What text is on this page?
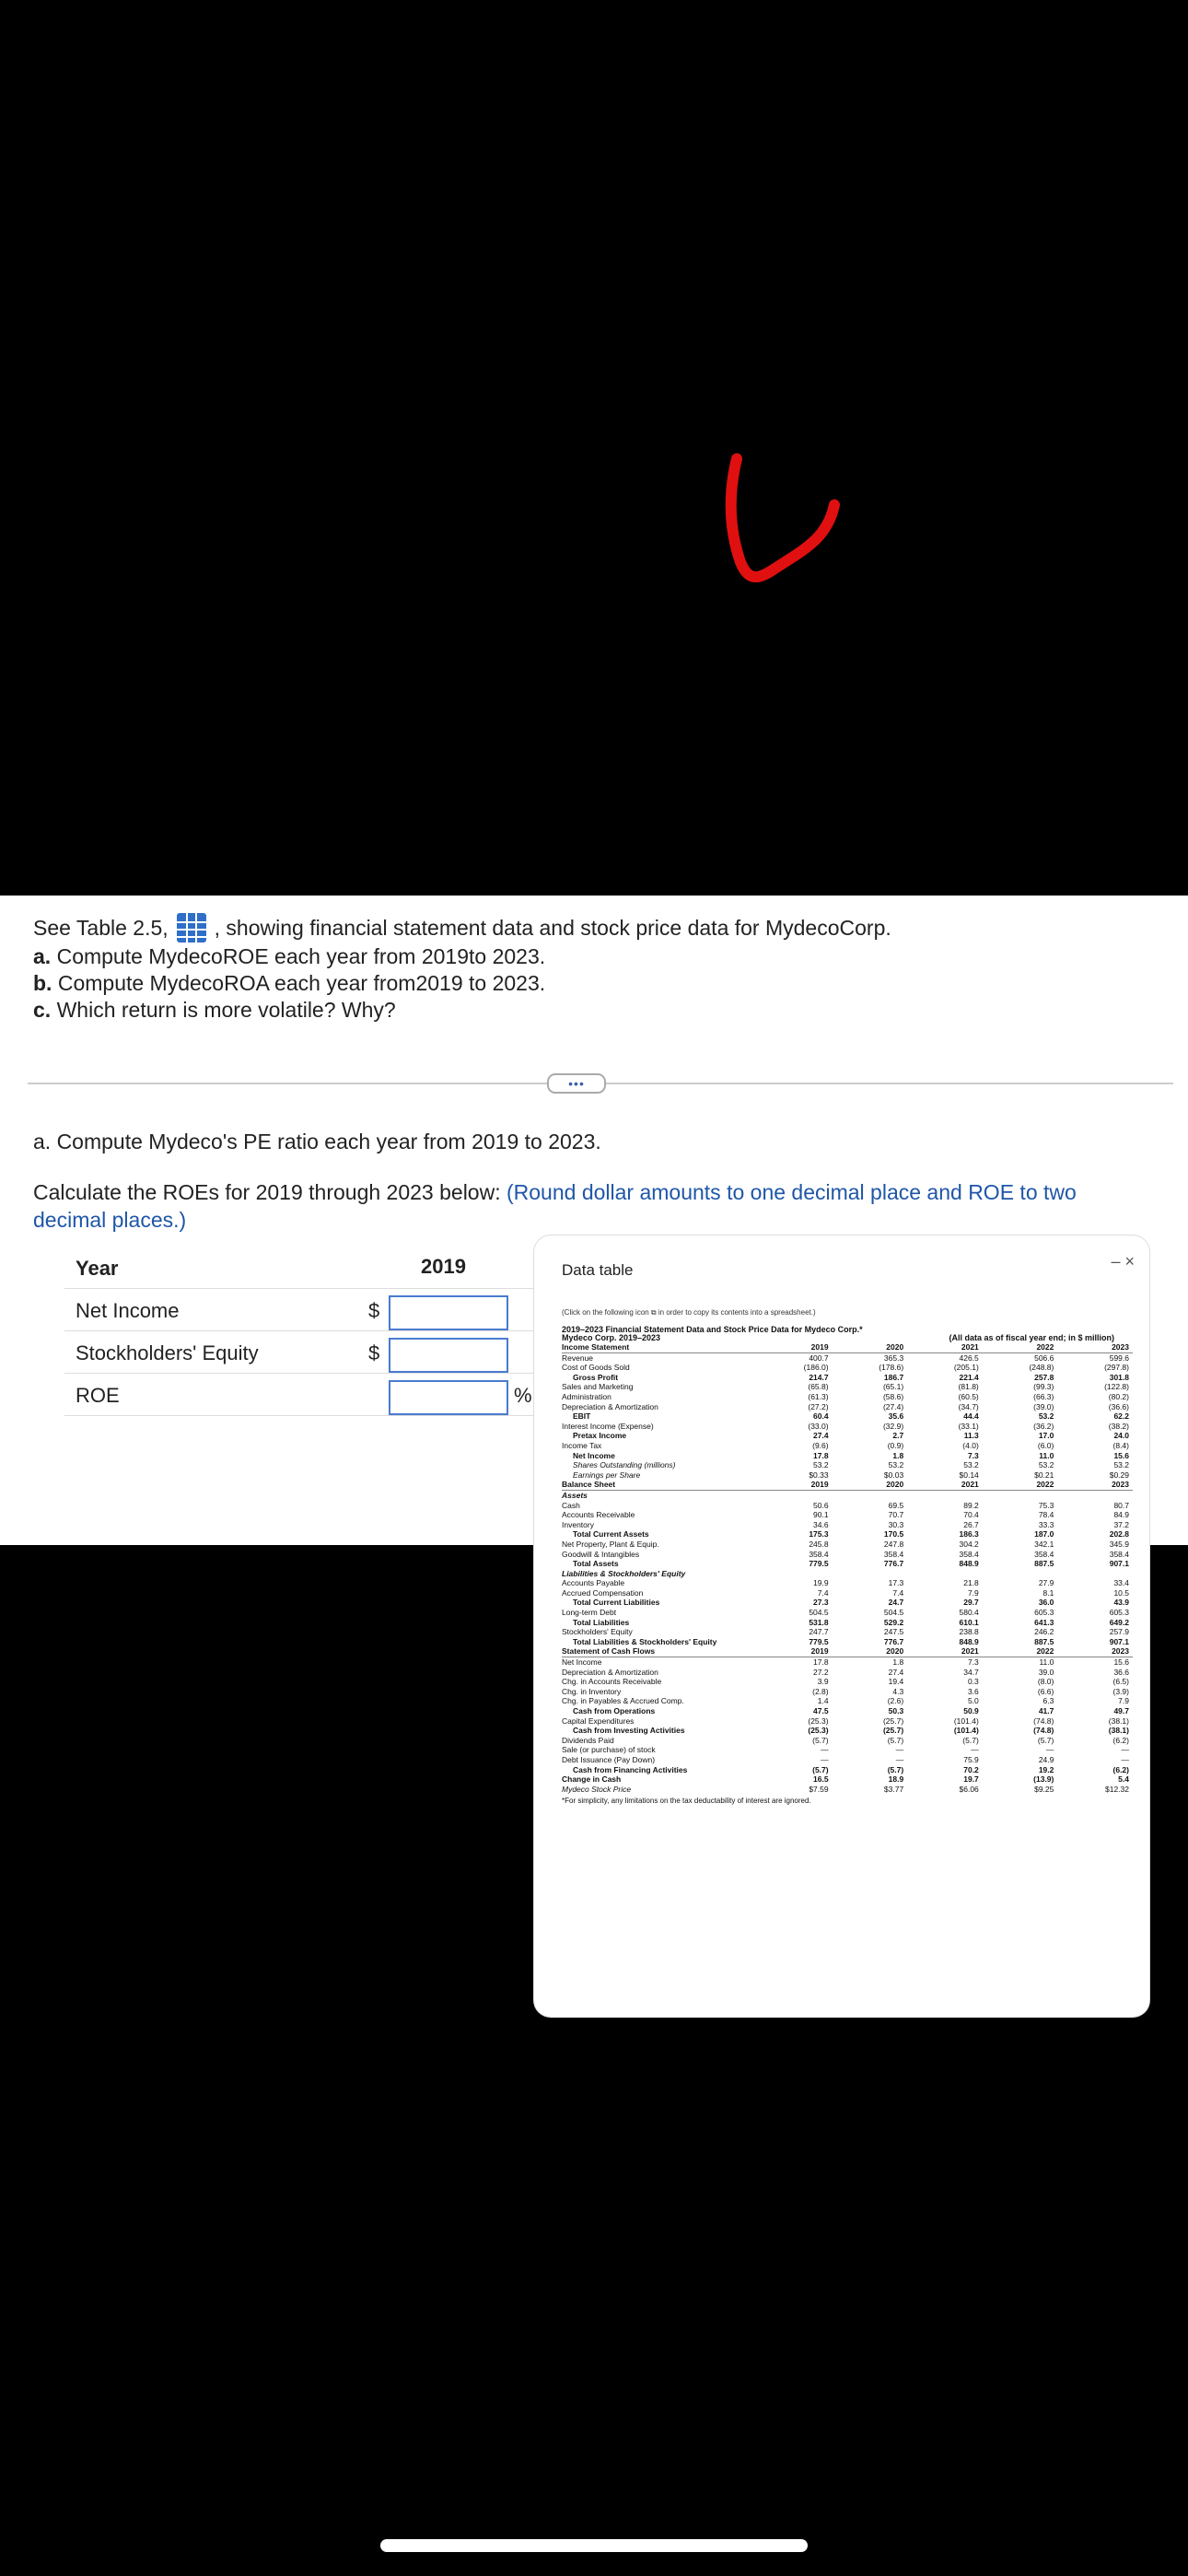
See Table 2.5, , showing financial statement data and stock price data for MydecoCorp.
a.
Compute MydecoROE each year from 2019to 2023.
b.
Compute MydecoROA each year from2019 to 2023.
c.
Which return is more volatile? Why?
•••
a. Compute Mydeco's PE ratio each year from 2019 to 2023.
Calculate the ROEs for 2019 through 2023 below: (Round dollar amounts to one decimal place and ROE to two decimal places.)
Year	2019
Net Income	$
Stockholders' Equity	$
ROE	%
Data table	– ×
(Click on the following icon ⧉ in order to copy its contents into a spreadsheet.)
2019–2023 Financial Statement Data and Stock Price Data for Mydeco Corp.*
Mydeco Corp. 2019–2023	(All data as of fiscal year end; in $ million)
Income Statement	2019	2020	2021	2022	2023
Revenue	400.7	365.3	426.5	506.6	599.6
Cost of Goods Sold	(186.0)	(178.6)	(205.1)	(248.8)	(297.8)
Gross Profit	214.7	186.7	221.4	257.8	301.8
Sales and Marketing	(65.8)	(65.1)	(81.8)	(99.3)	(122.8)
Administration	(61.3)	(58.6)	(60.5)	(66.3)	(80.2)
Depreciation & Amortization	(27.2)	(27.4)	(34.7)	(39.0)	(36.6)
EBIT	60.4	35.6	44.4	53.2	62.2
Interest Income (Expense)	(33.0)	(32.9)	(33.1)	(36.2)	(38.2)
Pretax Income	27.4	2.7	11.3	17.0	24.0
Income Tax	(9.6)	(0.9)	(4.0)	(6.0)	(8.4)
Net Income	17.8	1.8	7.3	11.0	15.6
Shares Outstanding (millions)	53.2	53.2	53.2	53.2	53.2
Earnings per Share	$0.33	$0.03	$0.14	$0.21	$0.29
Balance Sheet	2019	2020	2021	2022	2023
Assets					
Cash	50.6	69.5	89.2	75.3	80.7
Accounts Receivable	90.1	70.7	70.4	78.4	84.9
Inventory	34.6	30.3	26.7	33.3	37.2
Total Current Assets	175.3	170.5	186.3	187.0	202.8
Net Property, Plant & Equip.	245.8	247.8	304.2	342.1	345.9
Goodwill & Intangibles	358.4	358.4	358.4	358.4	358.4
Total Assets	779.5	776.7	848.9	887.5	907.1
Liabilities & Stockholders' Equity					
Accounts Payable	19.9	17.3	21.8	27.9	33.4
Accrued Compensation	7.4	7.4	7.9	8.1	10.5
Total Current Liabilities	27.3	24.7	29.7	36.0	43.9
Long-term Debt	504.5	504.5	580.4	605.3	605.3
Total Liabilities	531.8	529.2	610.1	641.3	649.2
Stockholders' Equity	247.7	247.5	238.8	246.2	257.9
Total Liabilities & Stockholders' Equity	779.5	776.7	848.9	887.5	907.1
Statement of Cash Flows	2019	2020	2021	2022	2023
Net Income	17.8	1.8	7.3	11.0	15.6
Depreciation & Amortization	27.2	27.4	34.7	39.0	36.6
Chg. in Accounts Receivable	3.9	19.4	0.3	(8.0)	(6.5)
Chg. in Inventory	(2.8)	4.3	3.6	(6.6)	(3.9)
Chg. in Payables & Accrued Comp.	1.4	(2.6)	5.0	6.3	7.9
Cash from Operations	47.5	50.3	50.9	41.7	49.7
Capital Expenditures	(25.3)	(25.7)	(101.4)	(74.8)	(38.1)
Cash from Investing Activities	(25.3)	(25.7)	(101.4)	(74.8)	(38.1)
Dividends Paid	(5.7)	(5.7)	(5.7)	(5.7)	(6.2)
Sale (or purchase) of stock	—	—	—	—	—
Debt Issuance (Pay Down)	—	—	75.9	24.9	—
Cash from Financing Activities	(5.7)	(5.7)	70.2	19.2	(6.2)
Change in Cash	16.5	18.9	19.7	(13.9)	5.4
Mydeco Stock Price	$7.59	$3.77	$6.06	$9.25	$12.32
*For simplicity, any limitations on the tax deductability of interest are ignored.
